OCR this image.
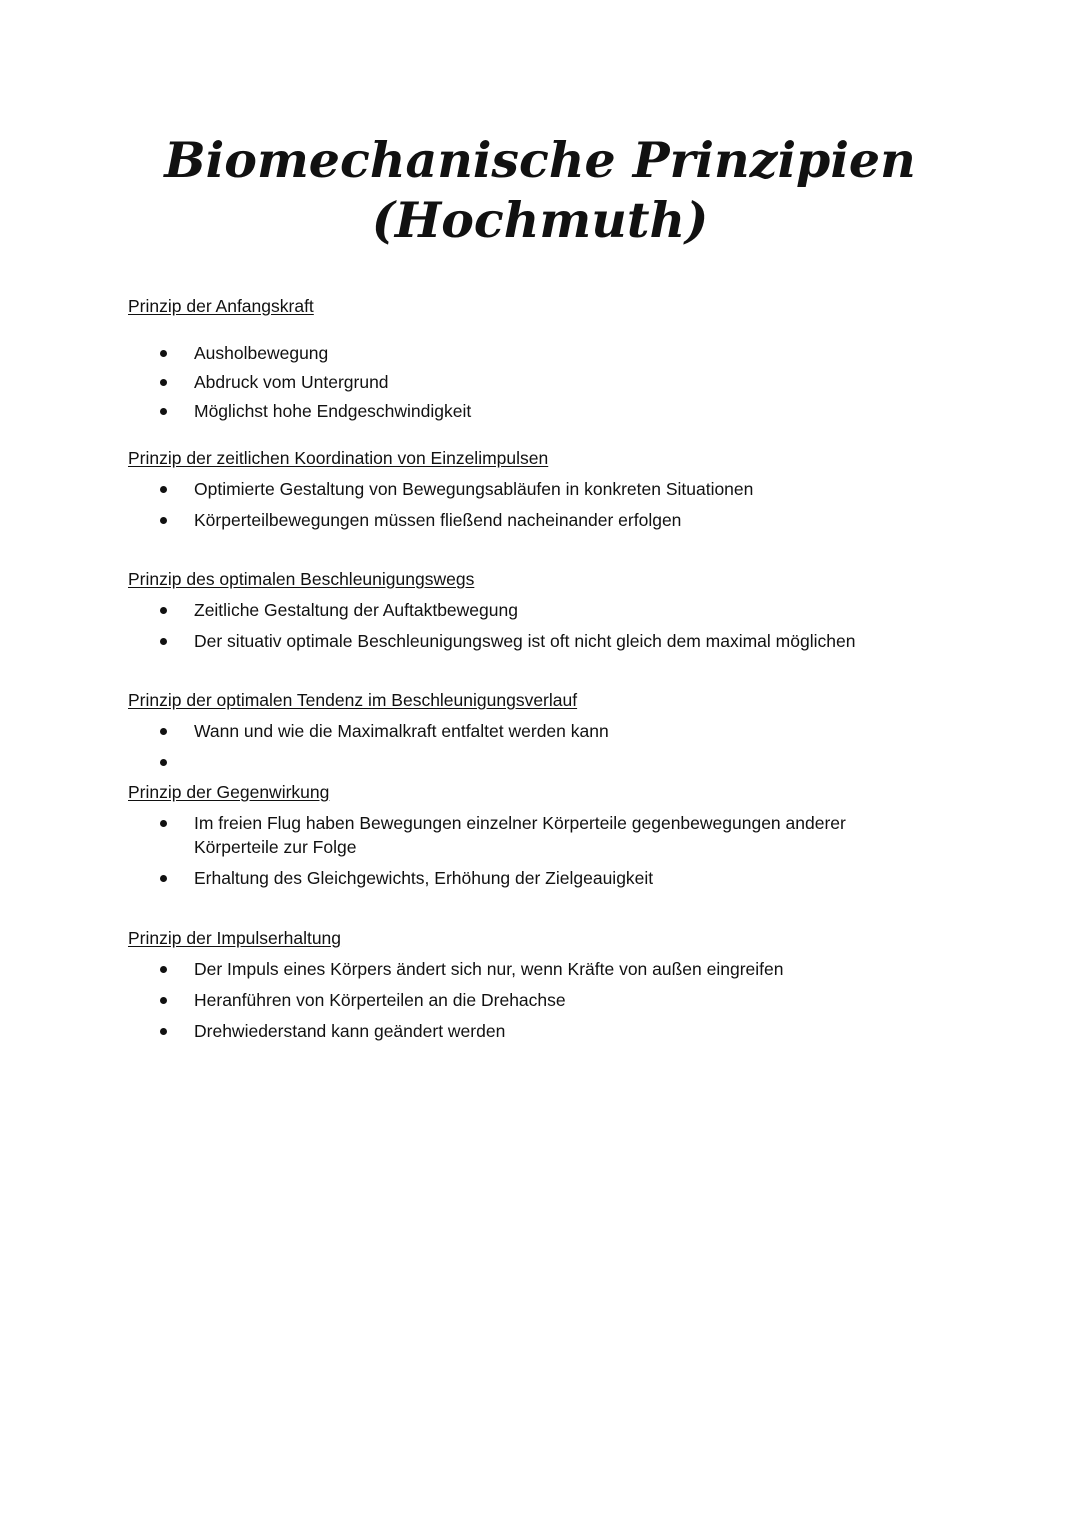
Biomechanische Prinzipien
(Hochmuth)

Prinzip der Anfangskraft

Ausholbewegung
Abdruck vom Untergrund
Möglichst hohe Endgeschwindigkeit

Prinzip der zeitlichen Koordination von Einzelimpulsen

Optimierte Gestaltung von Bewegungsabläufen in konkreten Situationen
Körperteilbewegungen müssen fließend nacheinander erfolgen

Prinzip des optimalen Beschleunigungswegs

Zeitliche Gestaltung der Auftaktbewegung
Der situativ optimale Beschleunigungsweg ist oft nicht gleich dem maximal möglichen

Prinzip der optimalen Tendenz im Beschleunigungsverlauf

Wann und wie die Maximalkraft entfaltet werden kann

Prinzip der Gegenwirkung

Im freien Flug haben Bewegungen einzelner Körperteile gegenbewegungen anderer Körperteile zur Folge
Erhaltung des Gleichgewichts, Erhöhung der Zielgeauigkeit

Prinzip der Impulserhaltung

Der Impuls eines Körpers ändert sich nur, wenn Kräfte von außen eingreifen
Heranführen von Körperteilen an die Drehachse
Drehwiederstand kann geändert werden
